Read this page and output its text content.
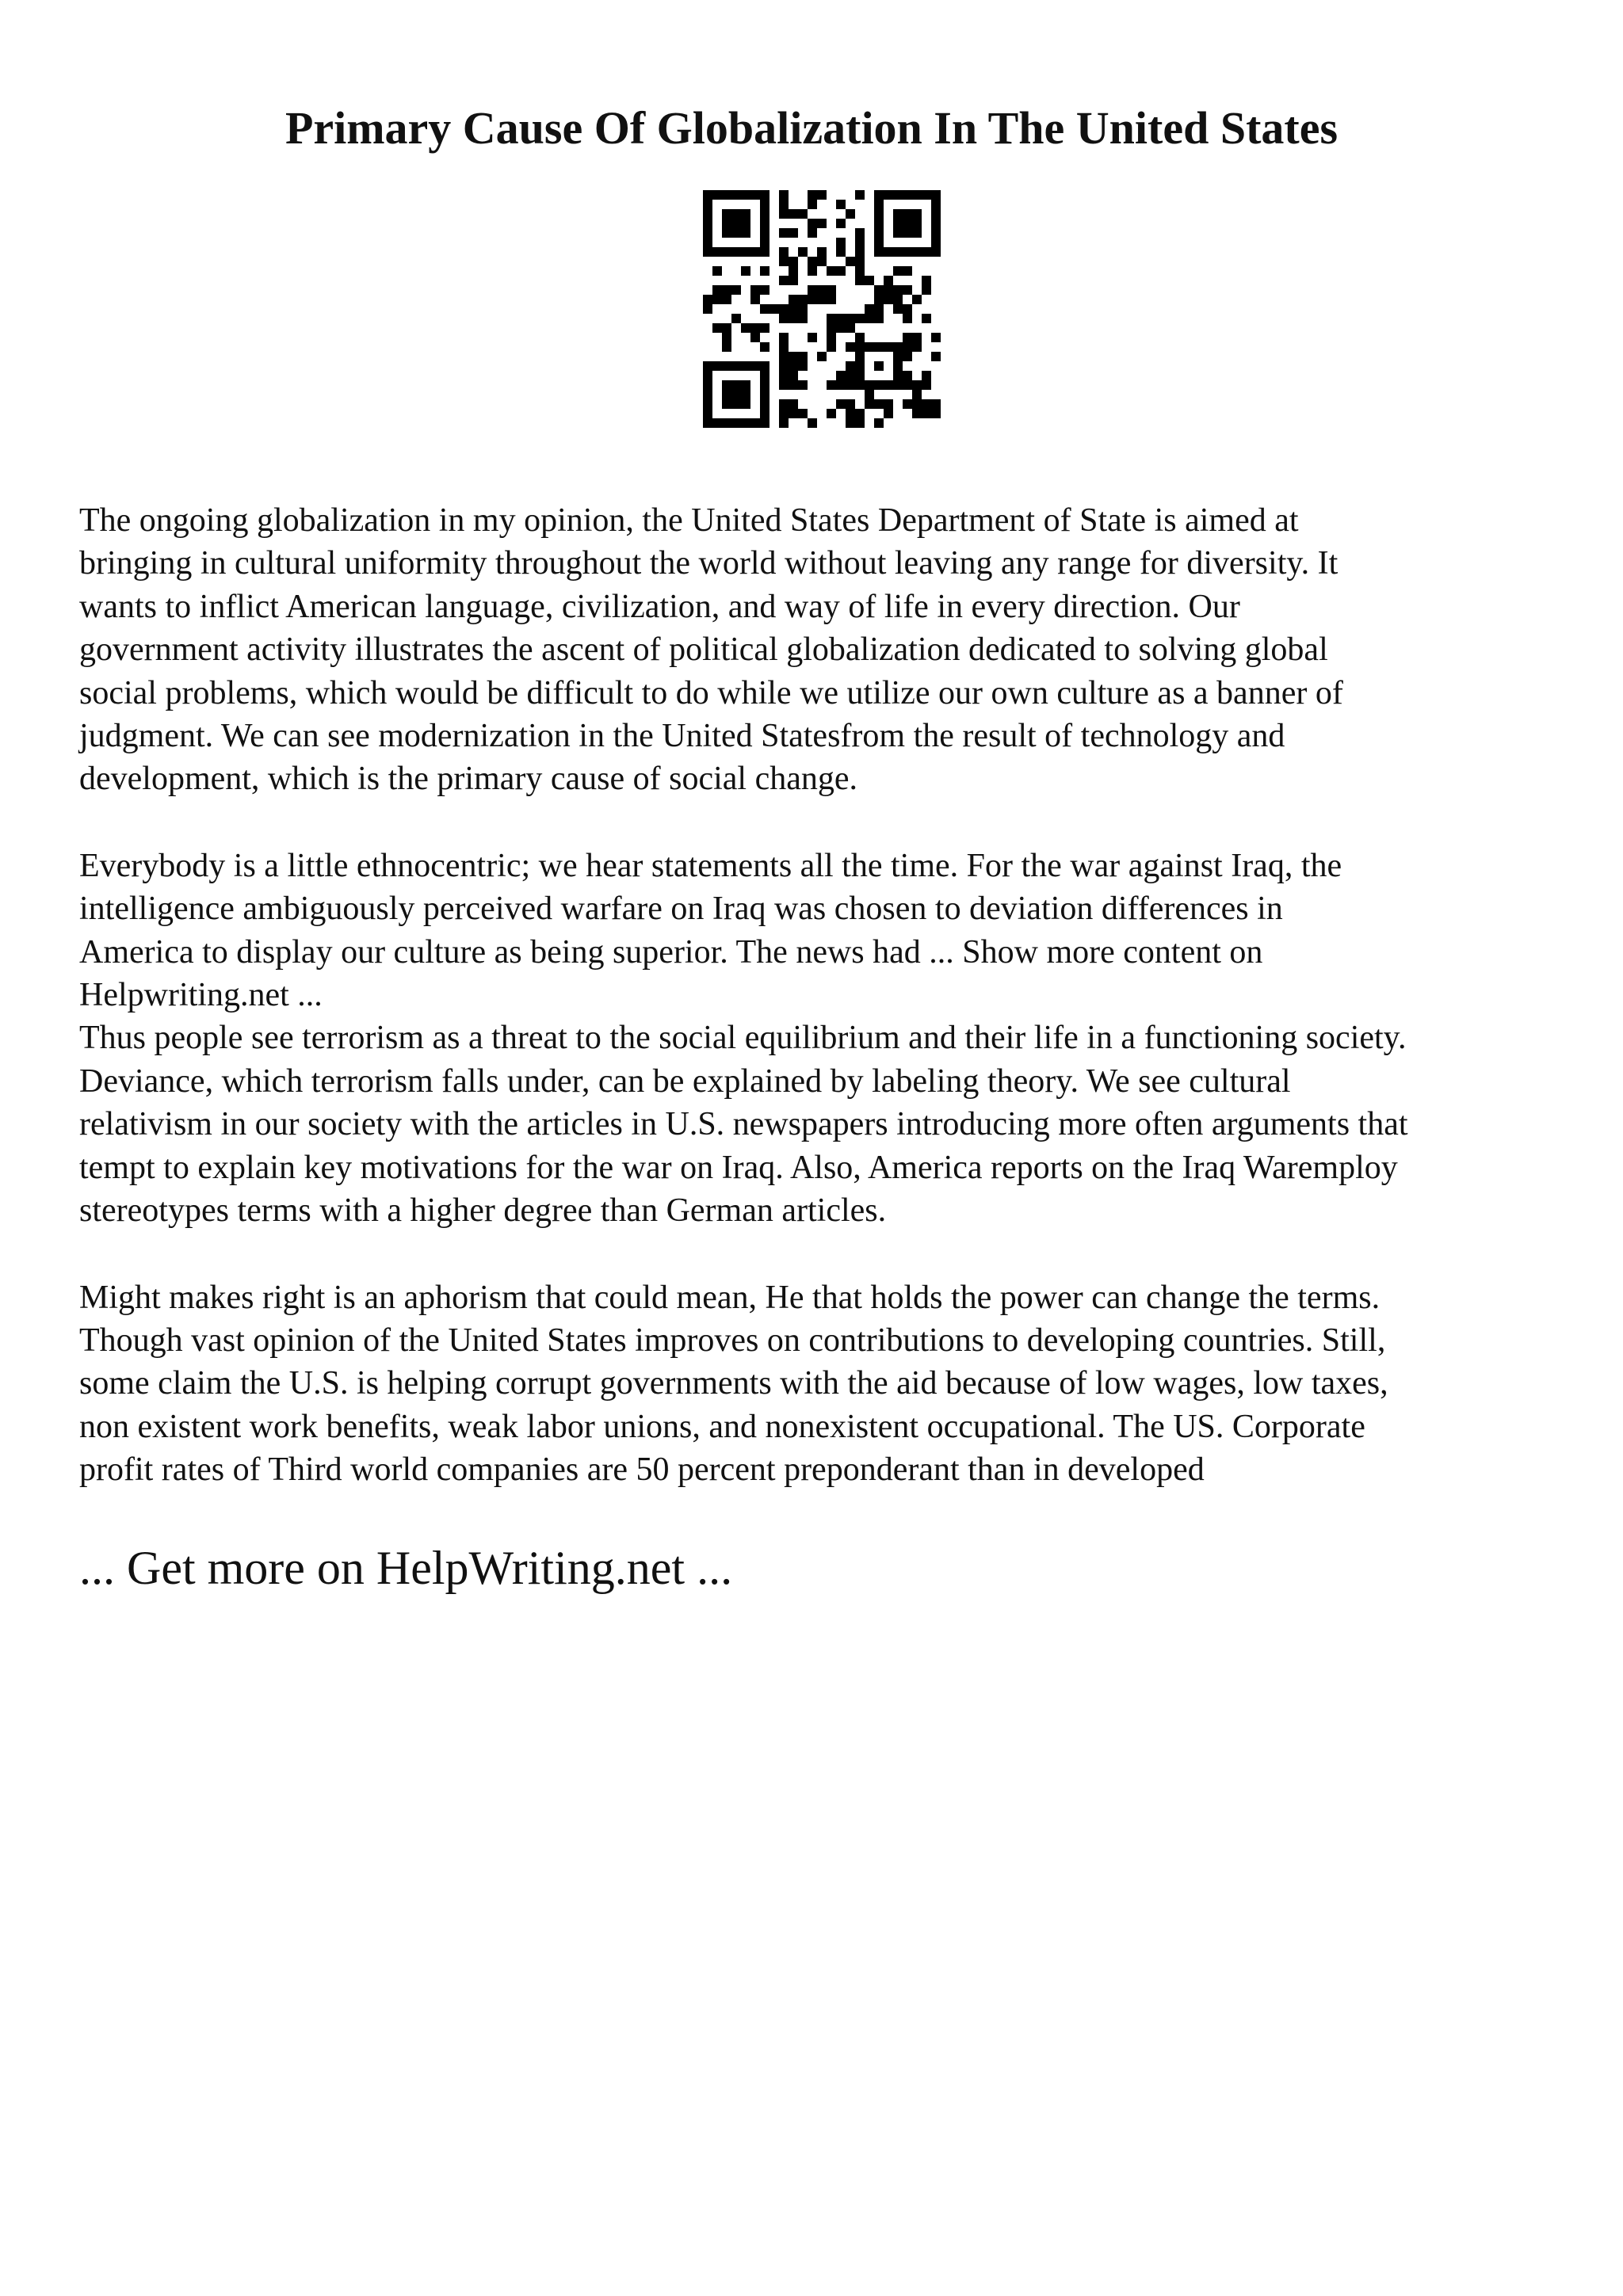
Primary Cause Of Globalization In The United States

The ongoing globalization in my opinion, the United States Department of State is aimed at
bringing in cultural uniformity throughout the world without leaving any range for diversity. It
wants to inflict American language, civilization, and way of life in every direction. Our
government activity illustrates the ascent of political globalization dedicated to solving global
social problems, which would be difficult to do while we utilize our own culture as a banner of
judgment. We can see modernization in the United Statesfrom the result of technology and
development, which is the primary cause of social change.

Everybody is a little ethnocentric; we hear statements all the time. For the war against Iraq, the
intelligence ambiguously perceived warfare on Iraq was chosen to deviation differences in
America to display our culture as being superior. The news had ... Show more content on
Helpwriting.net ...
Thus people see terrorism as a threat to the social equilibrium and their life in a functioning society.
Deviance, which terrorism falls under, can be explained by labeling theory. We see cultural
relativism in our society with the articles in U.S. newspapers introducing more often arguments that
tempt to explain key motivations for the war on Iraq. Also, America reports on the Iraq Waremploy
stereotypes terms with a higher degree than German articles.

Might makes right is an aphorism that could mean, He that holds the power can change the terms.
Though vast opinion of the United States improves on contributions to developing countries. Still,
some claim the U.S. is helping corrupt governments with the aid because of low wages, low taxes,
non existent work benefits, weak labor unions, and nonexistent occupational. The US. Corporate
profit rates of Third world companies are 50 percent preponderant than in developed

... Get more on HelpWriting.net ...
